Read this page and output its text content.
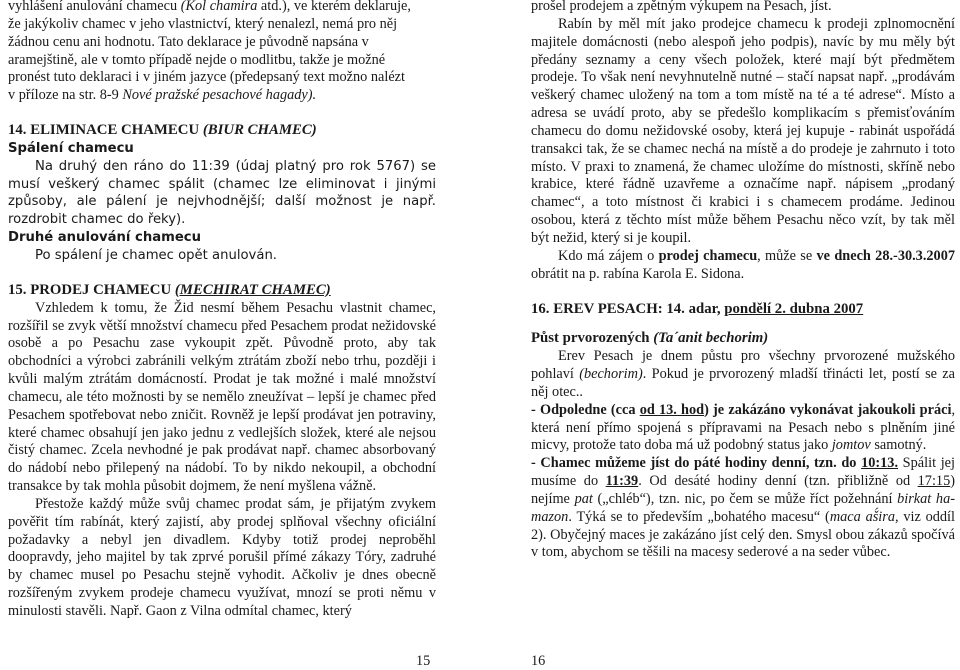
vyhlášení anulování chamecu (Kol chamira atd.), ve kterém deklaruje,

že jakýkoliv chamec v jeho vlastnictví, který nenalezl, nemá pro něj

žádnou cenu ani hodnotu. Tato deklarace je původně napsána v

aramejštině, ale v tomto případě nejde o modlitbu, takže je možné

pronést tuto deklaraci i v jiném jazyce (předepsaný text možno nalézt

v příloze na str. 8-9 Nové pražské pesachové hagady).

14. ELIMINACE CHAMECU (BIUR CHAMEC)

Spálení chamecu

Na druhý den ráno do 11:39 (údaj platný pro rok 5767) se musí veškerý chamec spálit (chamec lze eliminovat i jinými způsoby, ale pálení je nejvhodnější; další možnost je např. rozdrobit chamec do řeky).

Druhé anulování chamecu

Po spálení je chamec opět anulován.

15. PRODEJ CHAMECU (MECHIRAT CHAMEC)

Vzhledem k tomu, že Žid nesmí během Pesachu vlastnit chamec, rozšířil se zvyk větší množství chamecu před Pesachem prodat nežidovské osobě a po Pesachu zase vykoupit zpět. Původně proto, aby tak obchodníci a výrobci zabránili velkým ztrátám zboží nebo trhu, později i kvůli malým ztrátám domácností. Prodat je tak možné i malé množství chamecu, ale této možnosti by se nemělo zneužívat – lepší je chamec před Pesachem spotřebovat nebo zničit. Rovněž je lepší prodávat jen potraviny, které chamec obsahují jen jako jednu z vedlejších složek, které ale nejsou čistý chamec. Zcela nevhodné je pak prodávat např. chamec absorbovaný do nádobí nebo přilepený na nádobí. To by nikdo nekoupil, a obchodní transakce by tak mohla působit dojmem, že není myšlena vážně.

Přestože každý může svůj chamec prodat sám, je přijatým zvykem pověřit tím rabínát, který zajistí, aby prodej splňoval všechny oficiální požadavky a nebyl jen divadlem. Kdyby totiž prodej neproběhl doopravdy, jeho majitel by tak zprvé porušil přímé zákazy Tóry, zadruhé by chamec musel po Pesachu stejně vyhodit. Ačkoliv je dnes obecně rozšířeným zvykem prodeje chamecu využívat, mnozí se proti němu v minulosti stavěli. Např. Gaon z Vilna odmítal chamec, který

prošel prodejem a zpětným výkupem na Pesach, jíst.

Rabín by měl mít jako prodejce chamecu k prodeji zplnomocnění majitele domácnosti (nebo alespoň jeho podpis), navíc by mu měly být předány seznamy a ceny všech položek, které mají být předmětem prodeje. To však není nevyhnutelně nutné – stačí napsat např. „prodávám veškerý chamec uložený na tom a tom místě na té a té adrese“. Místo a adresa se uvádí proto, aby se předešlo komplikacím s přemisťováním chamecu do domu nežidovské osoby, která jej kupuje - rabinát uspořádá transakci tak, že se chamec nechá na místě a do prodeje je zahrnuto i toto místo. V praxi to znamená, že chamec uložíme do místnosti, skříně nebo krabice, které řádně uzavřeme a označíme např. nápisem „prodaný chamec“, a toto místnost či krabici i s chamecem prodáme. Jedinou osobou, která z těchto míst může během Pesachu něco vzít, by tak měl být nežid, který si je koupil.

Kdo má zájem o prodej chamecu, může se ve dnech 28.-30.3.2007 obrátit na p. rabína Karola E. Sidona.

16. EREV PESACH: 14. adar, pondělí 2. dubna 2007

Půst prvorozených (Ta´anit bechorim)

Erev Pesach je dnem půstu pro všechny prvorozené mužského pohlaví (bechorim). Pokud je prvorozený mladší třinácti let, postí se za něj otec..

- Odpoledne (cca od 13. hod) je zakázáno vykonávat jakoukoli práci, která není přímo spojená s přípravami na Pesach nebo s plněním jiné micvy, protože tato doba má už podobný status jako jomtov samotný.

- Chamec můžeme jíst do páté hodiny denní, tzn. do 10:13. Spálit jej musíme do 11:39. Od desáté hodiny denní (tzn. přibližně od 17:15) nejíme pat („chléb“), tzn. nic, po čem se může říct požehnání birkat ha-mazon. Týká se to především „bohatého macesu“ (maca aš́ira, viz oddíl 2). Obyčejný maces je zakázáno jíst celý den. Smysl obou zákazů spočívá v tom, abychom se těšili na macesy sederové a na seder vůbec.

15	16
